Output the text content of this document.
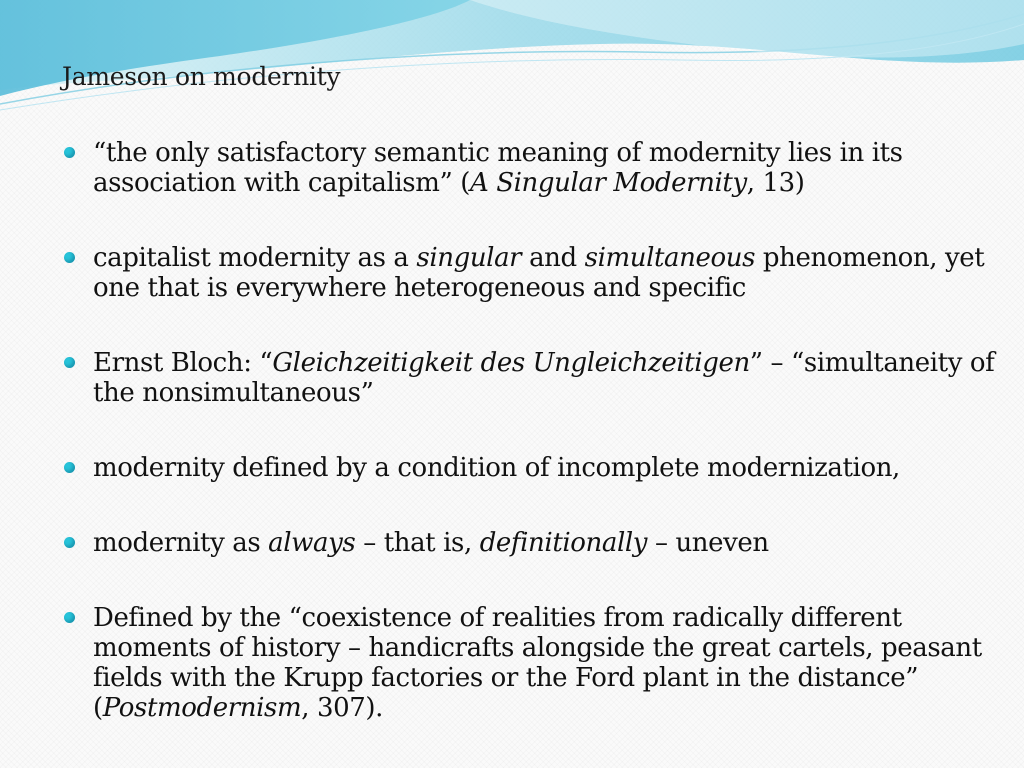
Jameson on modernity
“the only satisfactory semantic meaning of modernity lies in its association with capitalism” (A Singular Modernity, 13)
capitalist modernity as a singular and simultaneous phenomenon, yet one that is everywhere heterogeneous and specific
Ernst Bloch: “Gleichzeitigkeit des Ungleichzeitigen” – “simultaneity of the nonsimultaneous”
modernity defined by a condition of incomplete modernization,
modernity as always – that is, definitionally – uneven
Defined by the “coexistence of realities from radically different moments of history – handicrafts alongside the great cartels, peasant fields with the Krupp factories or the Ford plant in the distance” (Postmodernism, 307).
